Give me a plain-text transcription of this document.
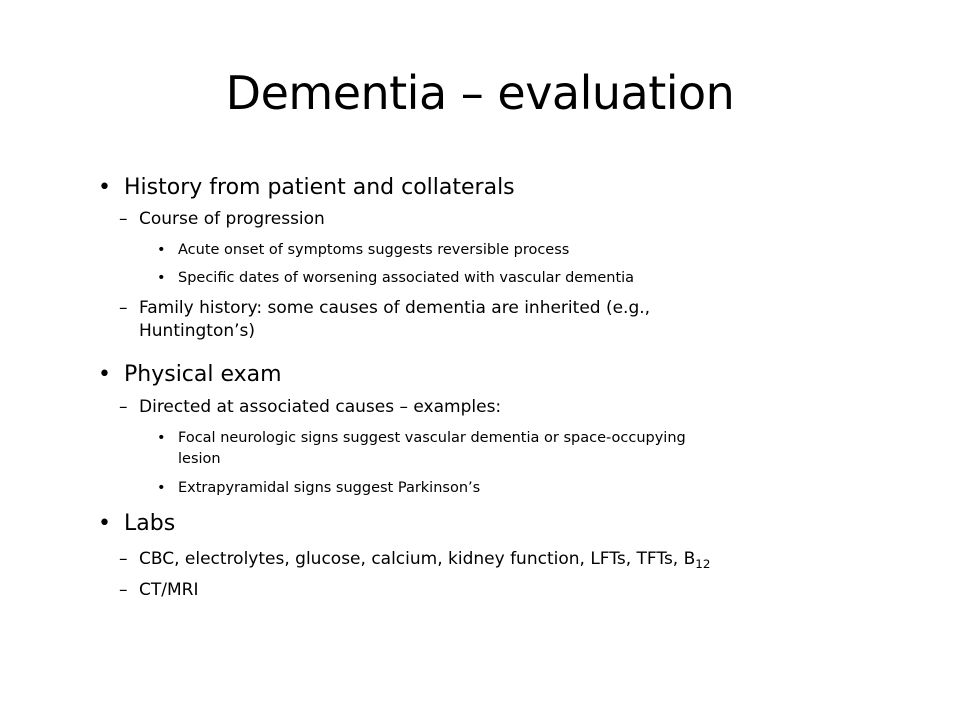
Dementia – evaluation
• History from patient and collaterals
– Course of progression
• Acute onset of symptoms suggests reversible process
• Specific dates of worsening associated with vascular dementia
– Family history: some causes of dementia are inherited (e.g.,
Huntington’s)
• Physical exam
– Directed at associated causes – examples:
• Focal neurologic signs suggest vascular dementia or space-occupying
lesion
• Extrapyramidal signs suggest Parkinson’s
• Labs
– CBC, electrolytes, glucose, calcium, kidney function, LFTs, TFTs, $B_{12}$
– CT/MRI
